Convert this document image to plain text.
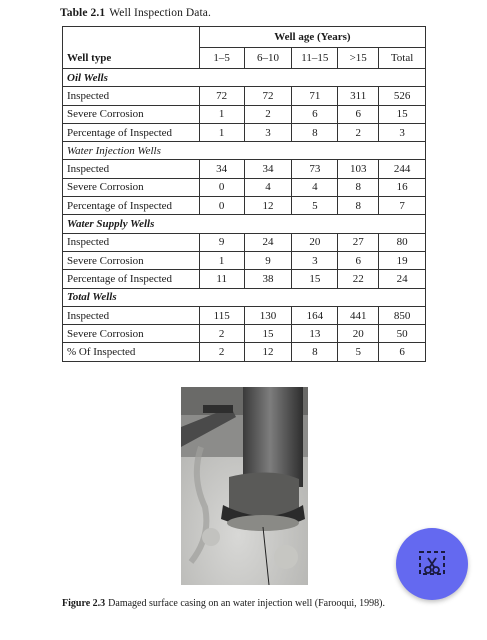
Table 2.1 Well Inspection Data.
	Well age (Years)				
Well type	1–5	6–10	11–15	>15	Total
Oil Wells					
Inspected	72	72	71	311	526
Severe Corrosion	1	2	6	6	15
Percentage of Inspected	1	3	8	2	3
Water Injection Wells					
Inspected	34	34	73	103	244
Severe Corrosion	0	4	4	8	16
Percentage of Inspected	0	12	5	8	7
Water Supply Wells					
Inspected	9	24	20	27	80
Severe Corrosion	1	9	3	6	19
Percentage of Inspected	11	38	15	22	24
Total Wells					
Inspected	115	130	164	441	850
Severe Corrosion	2	15	13	20	50
% Of Inspected	2	12	8	5	6
Figure 2.3 Damaged surface casing on an water injection well (Farooqui, 1998).
